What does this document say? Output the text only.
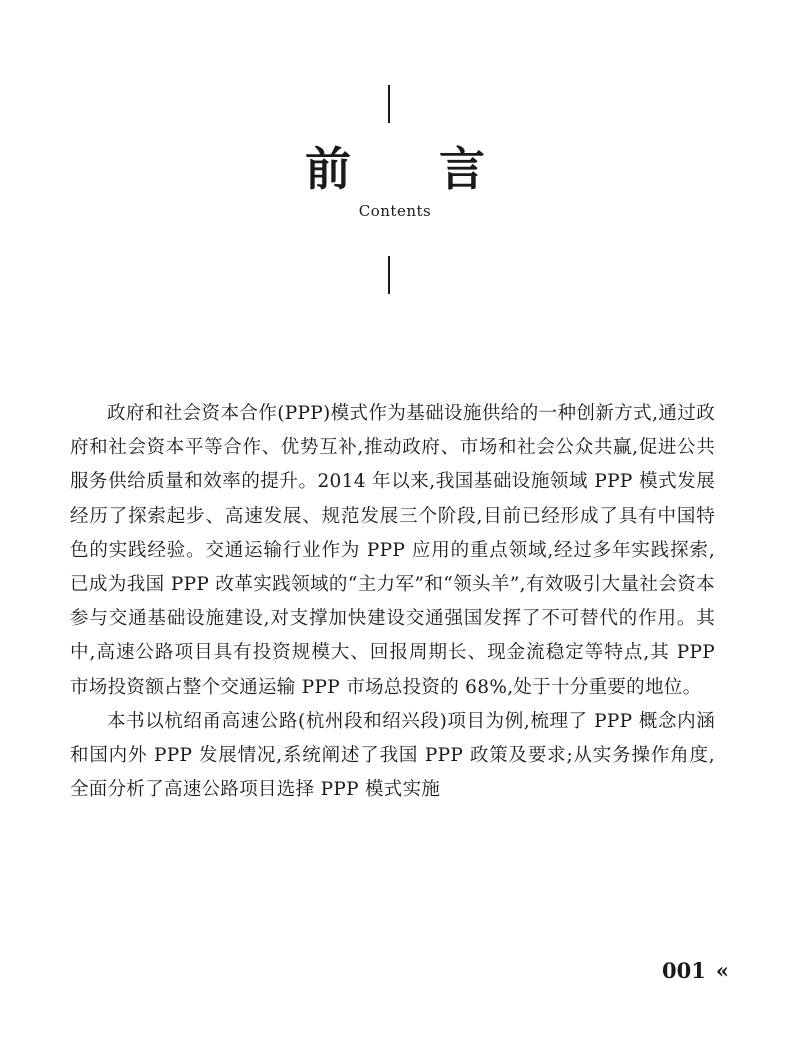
前 言
Contents

政府和社会资本合作(PPP)模式作为基础设施供给的一种创新方式,通过政府和社会资本平等合作、优势互补,推动政府、市场和社会公众共赢,促进公共服务供给质量和效率的提升。2014 年以来,我国基础设施领域 PPP 模式发展经历了探索起步、高速发展、规范发展三个阶段,目前已经形成了具有中国特色的实践经验。交通运输行业作为 PPP 应用的重点领域,经过多年实践探索,已成为我国 PPP 改革实践领域的“主力军”和“领头羊”,有效吸引大量社会资本参与交通基础设施建设,对支撑加快建设交通强国发挥了不可替代的作用。其中,高速公路项目具有投资规模大、回报周期长、现金流稳定等特点,其 PPP 市场投资额占整个交通运输 PPP 市场总投资的 68%,处于十分重要的地位。

本书以杭绍甬高速公路(杭州段和绍兴段)项目为例,梳理了 PPP 概念内涵和国内外 PPP 发展情况,系统阐述了我国 PPP 政策及要求;从实务操作角度,全面分析了高速公路项目选择 PPP 模式实施

001 «
